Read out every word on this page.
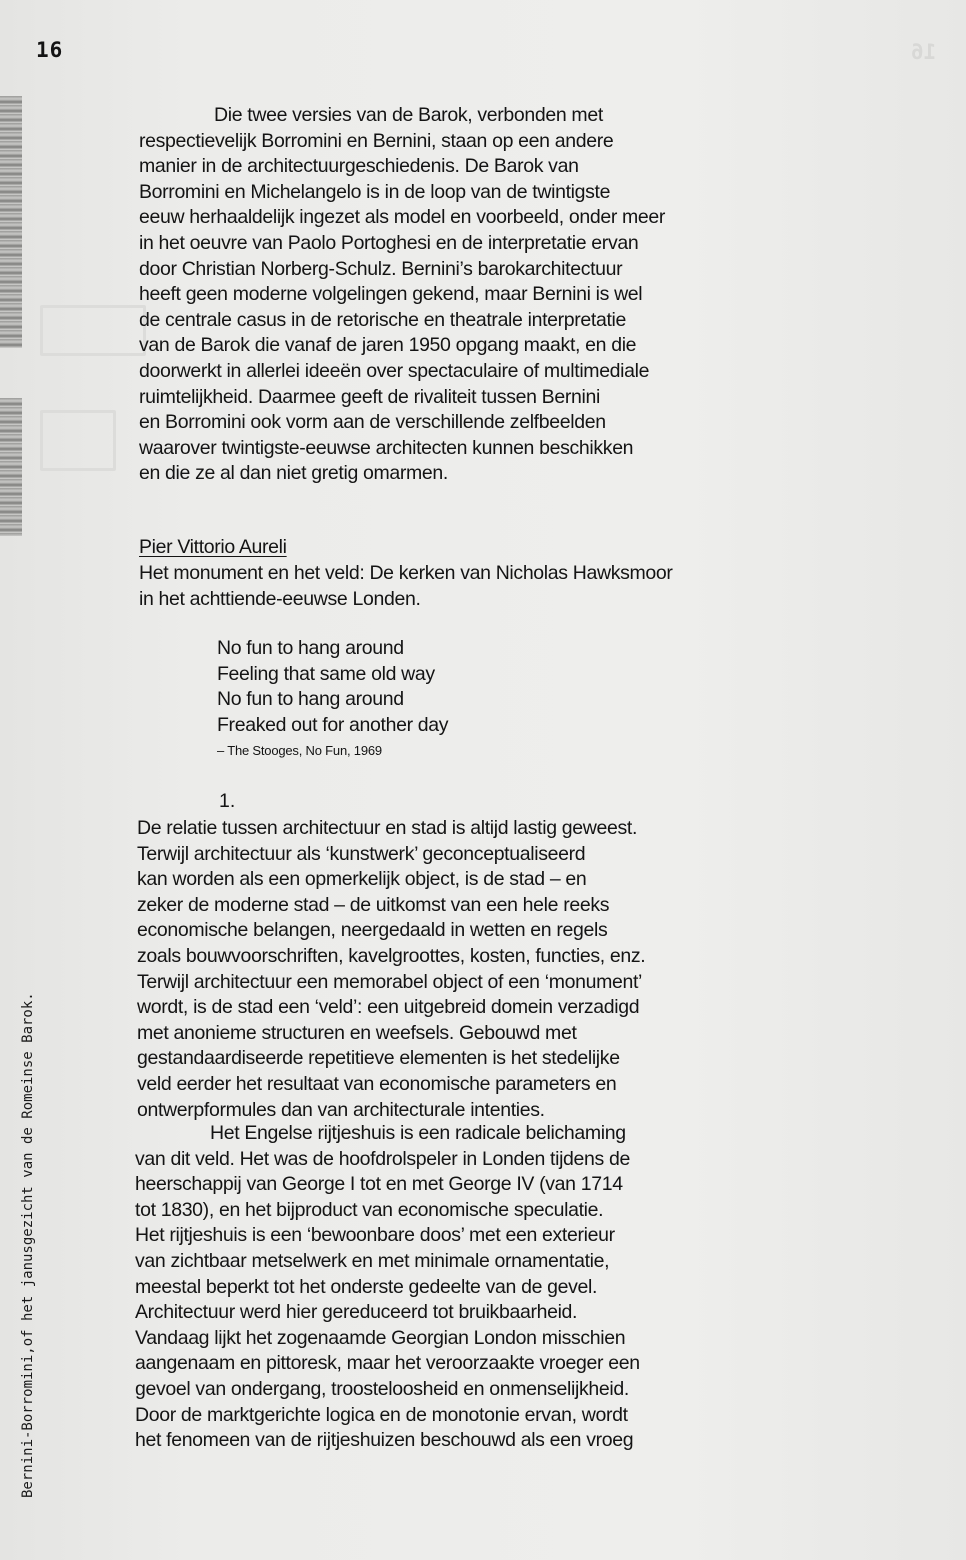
16
16
Bernini-Borromini,of het janusgezicht van de Romeinse Barok.
Die twee versies van de Barok, verbonden met
respectievelijk Borromini en Bernini, staan op een andere
manier in de architectuurgeschiedenis. De Barok van
Borromini en Michelangelo is in de loop van de twintigste
eeuw herhaaldelijk ingezet als model en voorbeeld, onder meer
in het oeuvre van Paolo Portoghesi en de interpretatie ervan
door Christian Norberg-Schulz. Bernini’s barokarchitectuur
heeft geen moderne volgelingen gekend, maar Bernini is wel
de centrale casus in de retorische en theatrale interpretatie
van de Barok die vanaf de jaren 1950 opgang maakt, en die
doorwerkt in allerlei ideeën over spectaculaire of multimediale
ruimtelijkheid. Daarmee geeft de rivaliteit tussen Bernini
en Borromini ook vorm aan de verschillende zelfbeelden
waarover twintigste-eeuwse architecten kunnen beschikken
en die ze al dan niet gretig omarmen.
Pier Vittorio Aureli
Het monument en het veld: De kerken van Nicholas Hawksmoor
in het achttiende-eeuwse Londen.
No fun to hang around
Feeling that same old way
No fun to hang around
Freaked out for another day
– The Stooges, No Fun, 1969
1.
De relatie tussen architectuur en stad is altijd lastig geweest.
Terwijl architectuur als ‘kunstwerk’ geconceptualiseerd
kan worden als een opmerkelijk object, is de stad – en
zeker de moderne stad – de uitkomst van een hele reeks
economische belangen, neergedaald in wetten en regels
zoals bouwvoorschriften, kavelgroottes, kosten, functies, enz.
Terwijl architectuur een memorabel object of een ‘monument’
wordt, is de stad een ‘veld’: een uitgebreid domein verzadigd
met anonieme structuren en weefsels. Gebouwd met
gestandaardiseerde repetitieve elementen is het stedelijke
veld eerder het resultaat van economische parameters en
ontwerpformules dan van architecturale intenties.
Het Engelse rijtjeshuis is een radicale belichaming
van dit veld. Het was de hoofdrolspeler in Londen tijdens de
heerschappij van George I tot en met George IV (van 1714
tot 1830), en het bijproduct van economische speculatie.
Het rijtjeshuis is een ‘bewoonbare doos’ met een exterieur
van zichtbaar metselwerk en met minimale ornamentatie,
meestal beperkt tot het onderste gedeelte van de gevel.
Architectuur werd hier gereduceerd tot bruikbaarheid.
Vandaag lijkt het zogenaamde Georgian London misschien
aangenaam en pittoresk, maar het veroorzaakte vroeger een
gevoel van ondergang, troosteloosheid en onmenselijkheid.
Door de marktgerichte logica en de monotonie ervan, wordt
het fenomeen van de rijtjeshuizen beschouwd als een vroeg
